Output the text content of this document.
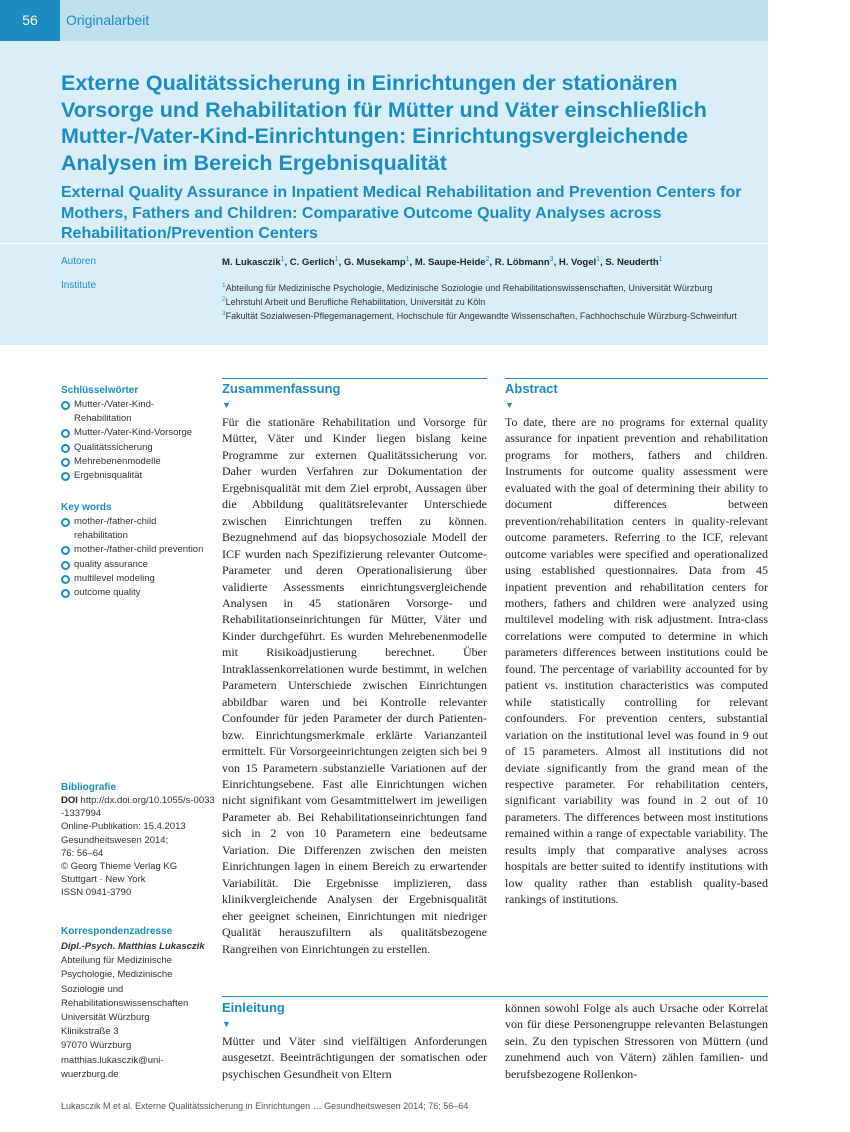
56	Originalarbeit
Externe Qualitätssicherung in Einrichtungen der stationären Vorsorge und Rehabilitation für Mütter und Väter einschließlich Mutter-/Vater-Kind-Einrichtungen: Einrichtungsvergleichende Analysen im Bereich Ergebnisqualität
External Quality Assurance in Inpatient Medical Rehabilitation and Prevention Centers for Mothers, Fathers and Children: Comparative Outcome Quality Analyses across Rehabilitation/Prevention Centers
Autoren	M. Lukasczik$^1$, C. Gerlich$^1$, G. Musekamp$^1$, M. Saupe-Heide$^2$, R. Löbmann$^3$, H. Vogel$^1$, S. Neuderth$^1$
Institute	$^1$Abteilung für Medizinische Psychologie, Medizinische Soziologie und Rehabilitationswissenschaften, Universität Würzburg
$^2$Lehrstuhl Arbeit und Berufliche Rehabilitation, Universität zu Köln
$^3$Fakultät Sozialwesen-Pflegemanagement, Hochschule für Angewandte Wissenschaften, Fachhochschule Würzburg-Schweinfurt
Schlüsselwörter
Mutter-/Vater-Kind-Rehabilitation
Mutter-/Vater-Kind-Vorsorge
Qualitätssicherung
Mehrebenenmodelle
Ergebnisqualität
Key words
mother-/father-child rehabilitation
mother-/father-child prevention
quality assurance
multilevel modeling
outcome quality
Bibliografie
DOI http://dx.doi.org/10.1055/s-0033-1337994
Online-Publikation: 15.4.2013
Gesundheitswesen 2014;
76: 56–64
© Georg Thieme Verlag KG
Stuttgart · New York
ISSN 0941-3790
Korrespondenzadresse
Dipl.-Psych. Matthias Lukasczik
Abteilung für Medizinische Psychologie, Medizinische Soziologie und Rehabilitationswissenschaften
Universität Würzburg
Klinikstraße 3
97070 Würzburg
matthias.lukasczik@uni-wuerzburg.de
Zusammenfassung
▼

Für die stationäre Rehabilitation und Vorsorge für Mütter, Väter und Kinder liegen bislang keine Programme zur externen Qualitätssicherung vor. Daher wurden Verfahren zur Dokumentation der Ergebnisqualität mit dem Ziel erprobt, Aussagen über die Abbildung qualitätsrelevanter Unterschiede zwischen Einrichtungen treffen zu können. Bezugnehmend auf das biopsychosoziale Modell der ICF wurden nach Spezifizierung relevanter Outcome-Parameter und deren Operationalisierung über validierte Assessments einrichtungsvergleichende Analysen in 45 stationären Vorsorge- und Rehabilitationseinrichtungen für Mütter, Väter und Kinder durchgeführt. Es wurden Mehrebenenmodelle mit Risikoadjustierung berechnet. Über Intraklassenkorrelationen wurde bestimmt, in welchen Parametern Unterschiede zwischen Einrichtungen abbildbar waren und bei Kontrolle relevanter Confounder für jeden Parameter der durch Patienten- bzw. Einrichtungsmerkmale erklärte Varianzanteil ermittelt. Für Vorsorgeeinrichtungen zeigten sich bei 9 von 15 Parametern substanzielle Variationen auf der Einrichtungsebene. Fast alle Einrichtungen wichen nicht signifikant vom Gesamtmittelwert im jeweiligen Parameter ab. Bei Rehabilitationseinrichtungen fand sich in 2 von 10 Parametern eine bedeutsame Variation. Die Differenzen zwischen den meisten Einrichtungen lagen in einem Bereich zu erwartender Variabilität. Die Ergebnisse implizieren, dass klinikvergleichende Analysen der Ergebnisqualität eher geeignet scheinen, Einrichtungen mit niedriger Qualität herauszufiltern als qualitätsbezogene Rangreihen von Einrichtungen zu erstellen.

Abstract
▼

To date, there are no programs for external quality assurance for inpatient prevention and rehabilitation programs for mothers, fathers and children. Instruments for outcome quality assessment were evaluated with the goal of determining their ability to document differences between prevention/rehabilitation centers in quality-relevant outcome parameters. Referring to the ICF, relevant outcome variables were specified and operationalized using established questionnaires. Data from 45 inpatient prevention and rehabilitation centers for mothers, fathers and children were analyzed using multilevel modeling with risk adjustment. Intra-class correlations were computed to determine in which parameters differences between institutions could be found. The percentage of variability accounted for by patient vs. institution characteristics was computed while statistically controlling for relevant confounders. For prevention centers, substantial variation on the institutional level was found in 9 out of 15 parameters. Almost all institutions did not deviate significantly from the grand mean of the respective parameter. For rehabilitation centers, significant variability was found in 2 out of 10 parameters. The differences between most institutions remained within a range of expectable variability. The results imply that comparative analyses across hospitals are better suited to identify institutions with low quality rather than establish quality-based rankings of institutions.

Einleitung
▼

Mütter und Väter sind vielfältigen Anforderungen ausgesetzt. Beeinträchtigungen der somatischen oder psychischen Gesundheit von Eltern

können sowohl Folge als auch Ursache oder Korrelat von für diese Personengruppe relevanten Belastungen sein. Zu den typischen Stressoren von Müttern (und zunehmend auch von Vätern) zählen familien- und berufsbezogene Rollenkon-

Lukasczik M et al. Externe Qualitätssicherung in Einrichtungen … Gesundheitswesen 2014; 76: 56–64
